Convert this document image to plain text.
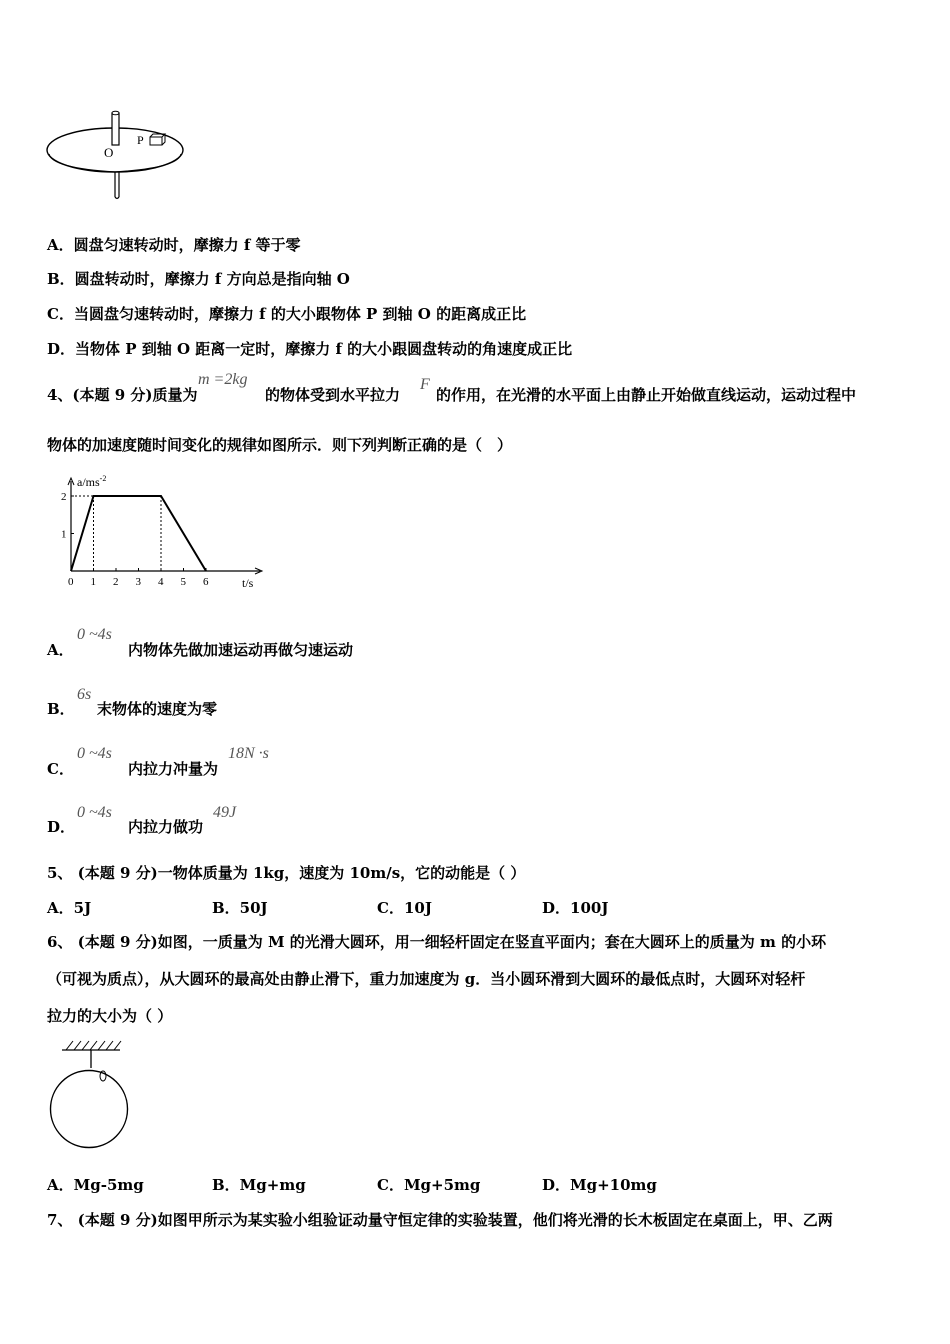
O
P
A．圆盘匀速转动时，摩擦力 f 等于零
B．圆盘转动时，摩擦力 f 方向总是指向轴 O
C．当圆盘匀速转动时，摩擦力 f 的大小跟物体 P 到轴 O 的距离成正比
D．当物体 P 到轴 O 距离一定时，摩擦力 f 的大小跟圆盘转动的角速度成正比
4、(本题 9 分)质量为
m =2kg
的物体受到水平拉力
F
的作用，在光滑的水平面上由静止开始做直线运动，运动过程中
物体的加速度随时间变化的规律如图所示．则下列判断正确的是（　）
$a/ms^{-2}$
0 1 2 3 4 5 6
2
1
t/s
A．
0 ~4s
内物体先做加速运动再做匀速运动
B．
6s
末物体的速度为零
C．
0 ~4s
内拉力冲量为
18N ·s
D．
0 ~4s
内拉力做功
49J
5、 (本题 9 分)一物体质量为 1kg，速度为 10m/s，它的动能是（ ）
A．5J	B．50J	C．10J	D．100J
6、 (本题 9 分)如图，一质量为 M 的光滑大圆环，用一细轻杆固定在竖直平面内；套在大圆环上的质量为 m 的小环
（可视为质点），从大圆环的最高处由静止滑下，重力加速度为 g．当小圆环滑到大圆环的最低点时，大圆环对轻杆
拉力的大小为（ ）
A．Mg-5mg	B．Mg+mg	C．Mg+5mg	D．Mg+10mg
7、 (本题 9 分)如图甲所示为某实验小组验证动量守恒定律的实验装置，他们将光滑的长木板固定在桌面上，甲、乙两
